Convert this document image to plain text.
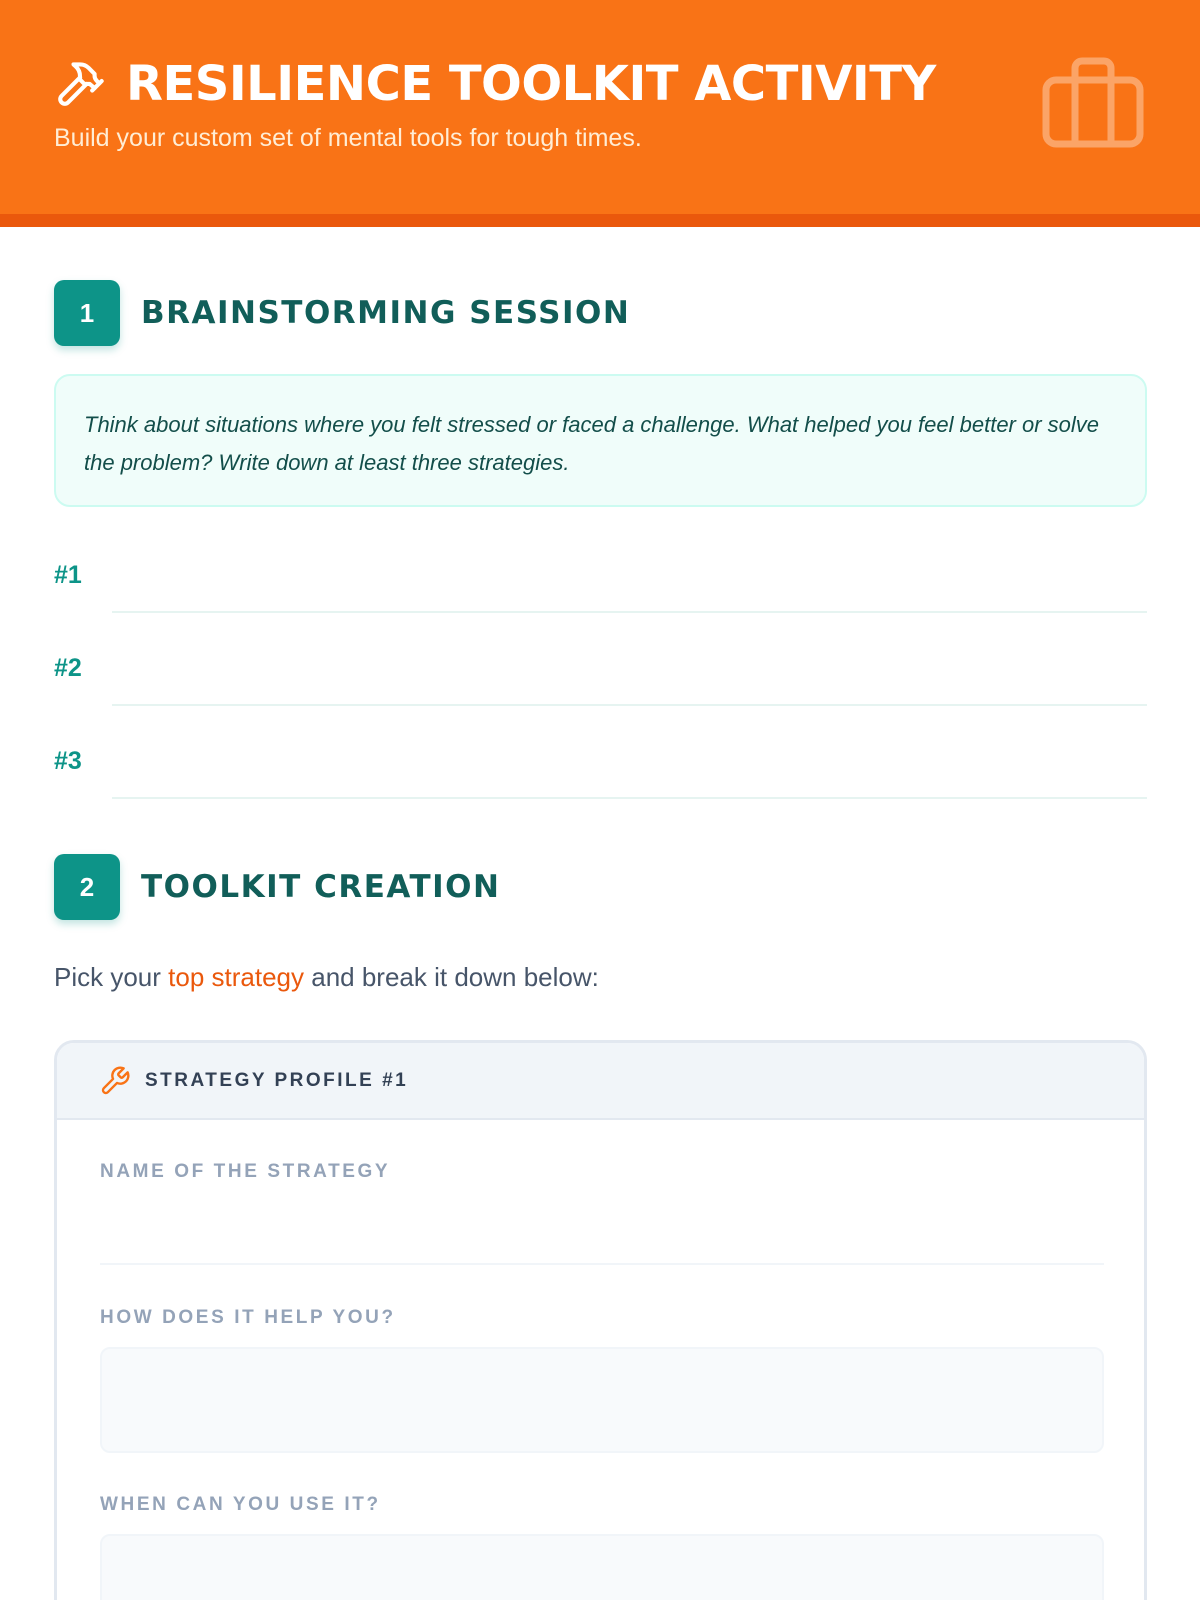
RESILIENCE TOOLKIT ACTIVITY
Build your custom set of mental tools for tough times.
1	BRAINSTORMING SESSION

Think about situations where you felt stressed or faced a challenge. What helped you feel better or solve the problem? Write down at least three strategies.

#1
#2
#3
2	TOOLKIT CREATION

Pick your top strategy and break it down below:

STRATEGY PROFILE #1
NAME OF THE STRATEGY
HOW DOES IT HELP YOU?
WHEN CAN YOU USE IT?
